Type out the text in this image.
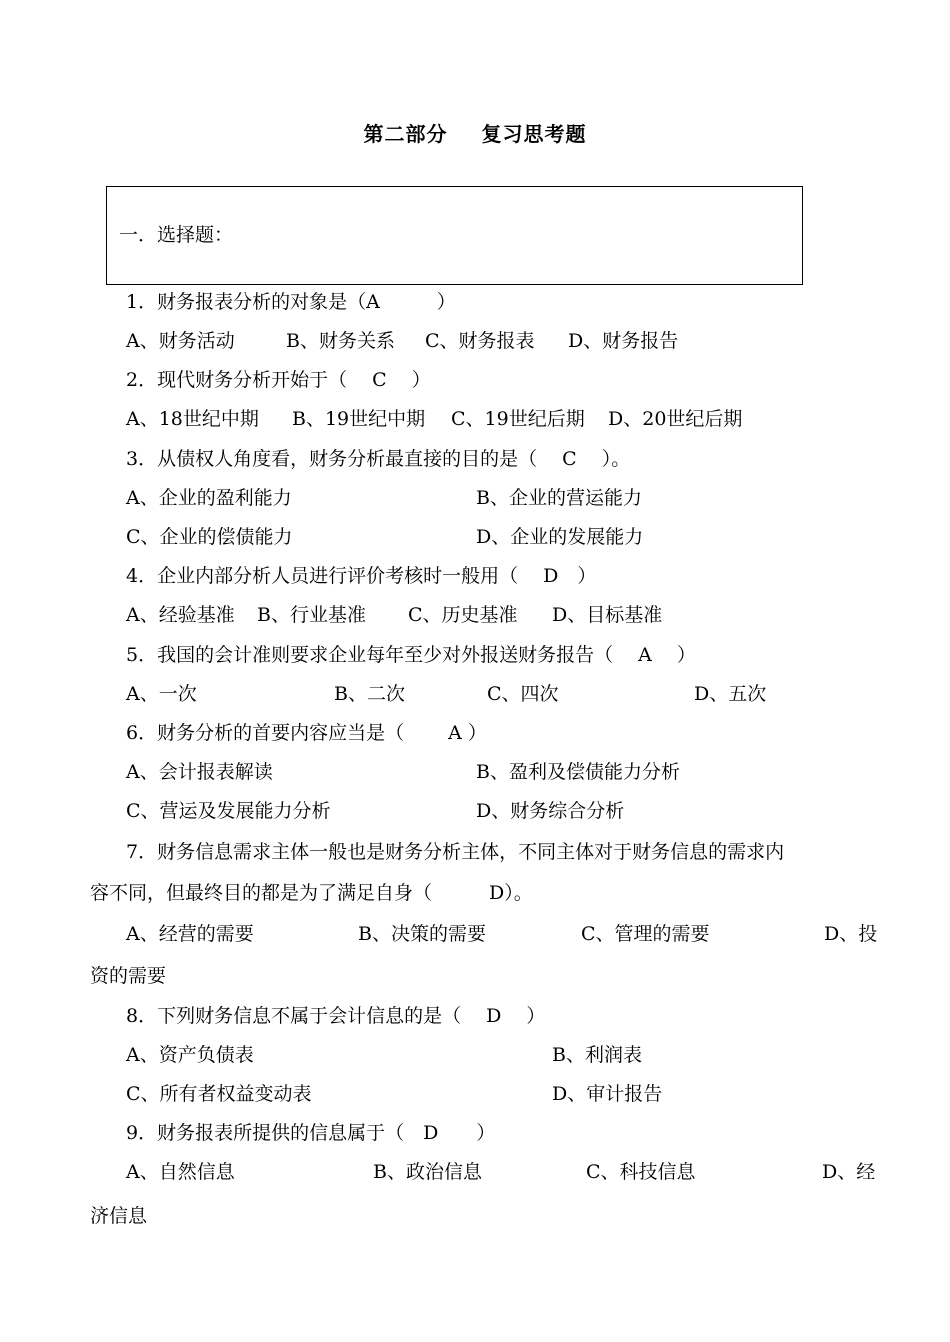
第二部分 复习思考题
一．选择题：
1．财务报表分析的对象是（A　　　）
A、财务活动	B、财务关系 C、财务报表 D、财务报告
2．现代财务分析开始于（　 C　 ）
A、18世纪中期 B、19世纪中期 C、19世纪后期 D、20世纪后期
3．从债权人角度看，财务分析最直接的目的是（　 C　 ）。
A、企业的盈利能力	B、企业的营运能力
C、企业的偿债能力	D、企业的发展能力
4．企业内部分析人员进行评价考核时一般用（　 D　）
A、经验基准 B、行业基准 C、历史基准 D、目标基准
5．我国的会计准则要求企业每年至少对外报送财务报告（　 A　 ）
A、一次	B、二次	C、四次	D、五次
6．财务分析的首要内容应当是（　　 A ）
A、会计报表解读	B、盈利及偿债能力分析
C、营运及发展能力分析	D、财务综合分析
7．财务信息需求主体一般也是财务分析主体，不同主体对于财务信息的需求内
容不同，但最终目的都是为了满足自身（　　　D）。
A、经营的需要	B、决策的需要	C、管理的需要	D、投
资的需要
8．下列财务信息不属于会计信息的是（　 D　 ）
A、资产负债表	B、利润表
C、所有者权益变动表	D、审计报告
9．财务报表所提供的信息属于（　D　　）
A、自然信息	B、政治信息	C、科技信息	D、经
济信息
